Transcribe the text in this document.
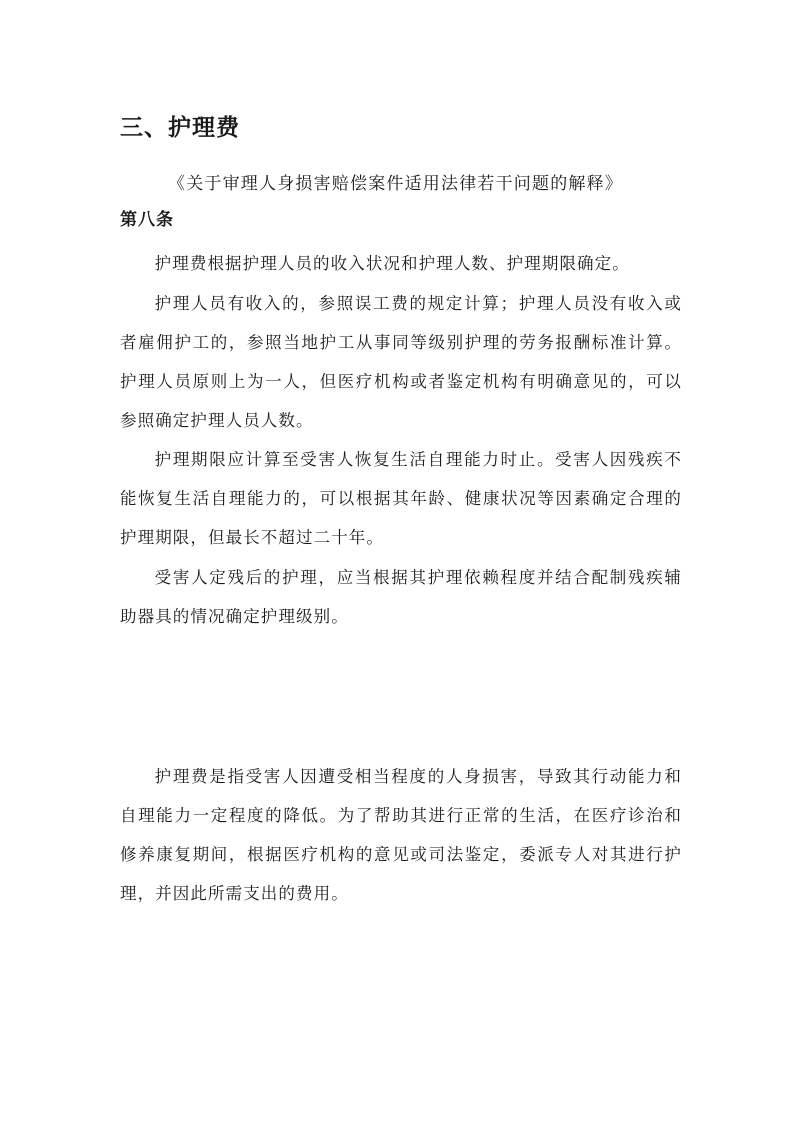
三、护理费
《关于审理人身损害赔偿案件适用法律若干问题的解释》
第八条

护理费根据护理人员的收入状况和护理人数、护理期限确定。

护理人员有收入的，参照误工费的规定计算；护理人员没有收入或者雇佣护工的，参照当地护工从事同等级别护理的劳务报酬标准计算。护理人员原则上为一人，但医疗机构或者鉴定机构有明确意见的，可以参照确定护理人员人数。

护理期限应计算至受害人恢复生活自理能力时止。受害人因残疾不能恢复生活自理能力的，可以根据其年龄、健康状况等因素确定合理的护理期限，但最长不超过二十年。

受害人定残后的护理，应当根据其护理依赖程度并结合配制残疾辅助器具的情况确定护理级别。

护理费是指受害人因遭受相当程度的人身损害，导致其行动能力和自理能力一定程度的降低。为了帮助其进行正常的生活，在医疗诊治和修养康复期间，根据医疗机构的意见或司法鉴定，委派专人对其进行护理，并因此所需支出的费用。
